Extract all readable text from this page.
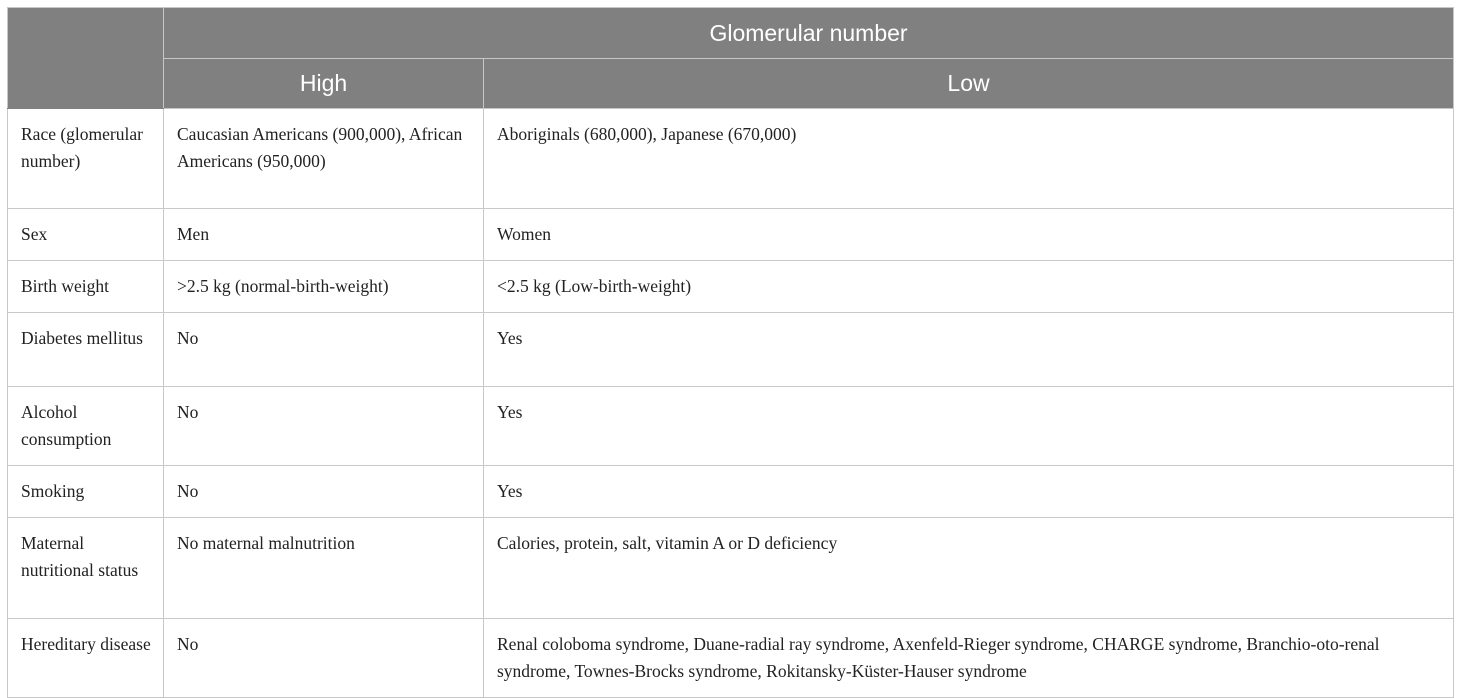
	Glomerular number	
	High	Low
Race (glomerular number)	Caucasian Americans (900,000), African Americans (950,000)	Aboriginals (680,000), Japanese (670,000)
Sex	Men	Women
Birth weight	>2.5 kg (normal-birth-weight)	<2.5 kg (Low-birth-weight)
Diabetes mellitus	No	Yes
Alcohol consumption	No	Yes
Smoking	No	Yes
Maternal nutritional status	No maternal malnutrition	Calories, protein, salt, vitamin A or D deficiency
Hereditary disease	No	Renal coloboma syndrome, Duane-radial ray syndrome, Axenfeld-Rieger syndrome, CHARGE syndrome, Branchio-oto-renal syndrome, Townes-Brocks syndrome, Rokitansky-Küster-Hauser syndrome
